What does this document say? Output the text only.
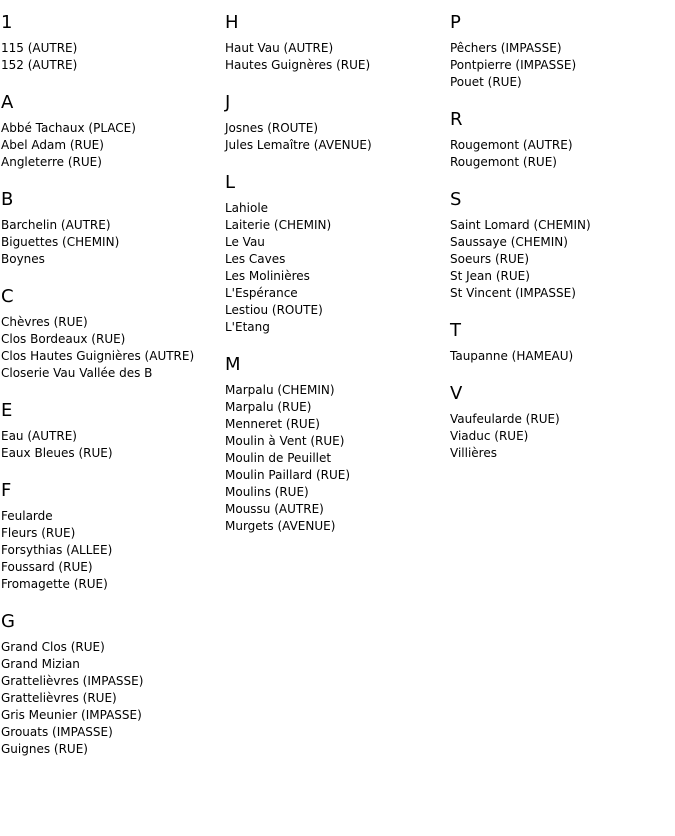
1
115 (AUTRE)
152 (AUTRE)
A
Abbé Tachaux (PLACE)
Abel Adam (RUE)
Angleterre (RUE)
B
Barchelin (AUTRE)
Biguettes (CHEMIN)
Boynes
C
Chèvres (RUE)
Clos Bordeaux (RUE)
Clos Hautes Guignières (AUTRE)
Closerie Vau Vallée des B
E
Eau (AUTRE)
Eaux Bleues (RUE)
F
Feularde
Fleurs (RUE)
Forsythias (ALLEE)
Foussard (RUE)
Fromagette (RUE)
G
Grand Clos (RUE)
Grand Mizian
Grattelièvres (IMPASSE)
Grattelièvres (RUE)
Gris Meunier (IMPASSE)
Grouats (IMPASSE)
Guignes (RUE)
H
Haut Vau (AUTRE)
Hautes Guignères (RUE)
J
Josnes (ROUTE)
Jules Lemaître (AVENUE)
L
Lahiole
Laiterie (CHEMIN)
Le Vau
Les Caves
Les Molinières
L'Espérance
Lestiou (ROUTE)
L'Etang
M
Marpalu (CHEMIN)
Marpalu (RUE)
Menneret (RUE)
Moulin à Vent (RUE)
Moulin de Peuillet
Moulin Paillard (RUE)
Moulins (RUE)
Moussu (AUTRE)
Murgets (AVENUE)
P
Pêchers (IMPASSE)
Pontpierre (IMPASSE)
Pouet (RUE)
R
Rougemont (AUTRE)
Rougemont (RUE)
S
Saint Lomard (CHEMIN)
Saussaye (CHEMIN)
Soeurs (RUE)
St Jean (RUE)
St Vincent (IMPASSE)
T
Taupanne (HAMEAU)
V
Vaufeularde (RUE)
Viaduc (RUE)
Villières
